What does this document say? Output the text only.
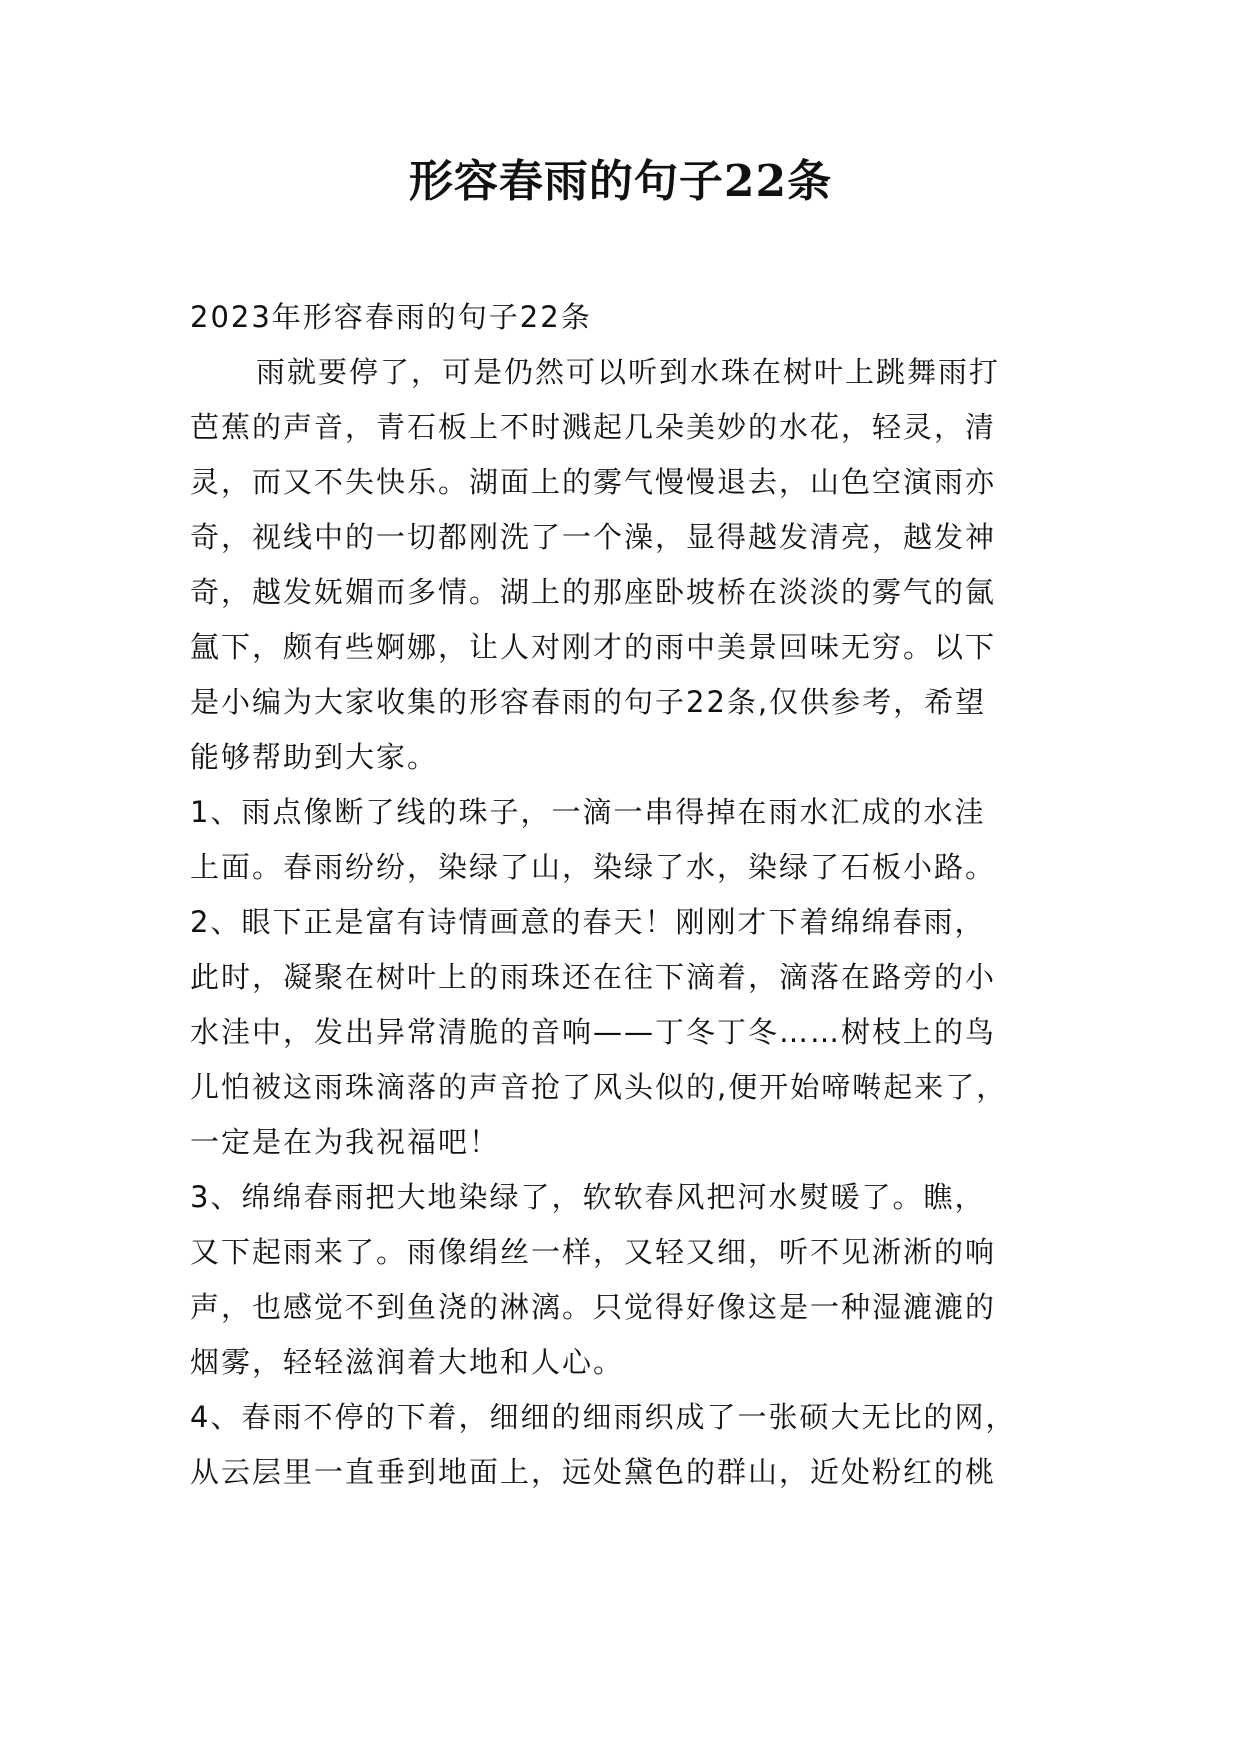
形容春雨的句子22条
2023年形容春雨的句子22条
雨就要停了，可是仍然可以听到水珠在树叶上跳舞雨打
芭蕉的声音，青石板上不时溅起几朵美妙的水花，轻灵，清
灵，而又不失快乐。湖面上的雾气慢慢退去，山色空演雨亦
奇，视线中的一切都刚洗了一个澡，显得越发清亮，越发神
奇，越发妩媚而多情。湖上的那座卧坡桥在淡淡的雾气的氤
氲下，颇有些婀娜，让人对刚才的雨中美景回味无穷。以下
是小编为大家收集的形容春雨的句子22条,仅供参考，希望
能够帮助到大家。
1、雨点像断了线的珠子，一滴一串得掉在雨水汇成的水洼
上面。春雨纷纷，染绿了山，染绿了水，染绿了石板小路。
2、眼下正是富有诗情画意的春天！刚刚才下着绵绵春雨，
此时，凝聚在树叶上的雨珠还在往下滴着，滴落在路旁的小
水洼中，发出异常清脆的音响——丁冬丁冬……树枝上的鸟
儿怕被这雨珠滴落的声音抢了风头似的,便开始啼啭起来了，
一定是在为我祝福吧！
3、绵绵春雨把大地染绿了，软软春风把河水熨暖了。瞧，
又下起雨来了。雨像绢丝一样，又轻又细，听不见淅淅的响
声，也感觉不到鱼浇的淋漓。只觉得好像这是一种湿漉漉的
烟雾，轻轻滋润着大地和人心。
4、春雨不停的下着，细细的细雨织成了一张硕大无比的网，
从云层里一直垂到地面上，远处黛色的群山，近处粉红的桃
